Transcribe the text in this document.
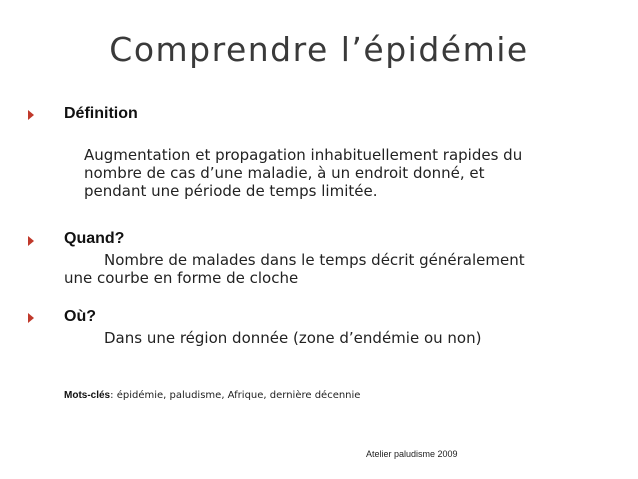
Comprendre l’épidémie
Définition
Augmentation et propagation inhabituellement rapides du
nombre de cas d’une maladie, à un endroit donné, et
pendant une période de temps limitée.
Quand?
Nombre de malades dans le temps décrit généralement
une courbe en forme de cloche
Où?
Dans une région donnée (zone d’endémie ou non)
Mots-clés: épidémie, paludisme, Afrique, dernière décennie
Atelier paludisme 2009
